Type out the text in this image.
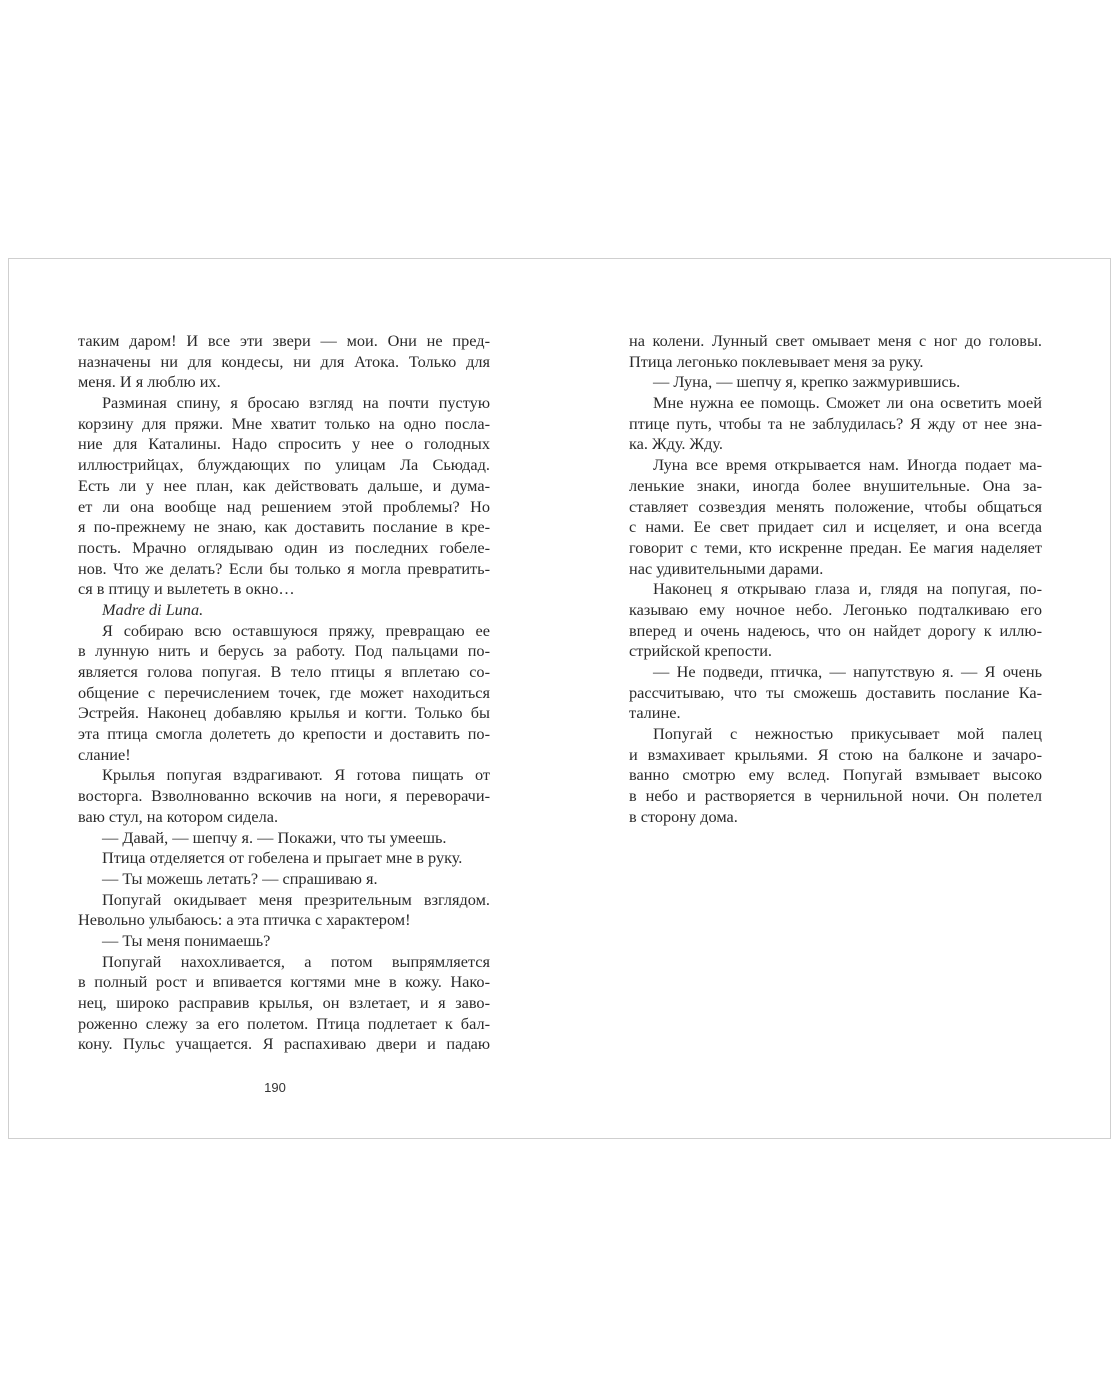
таким даром! И все эти звери — мои. Они не пред-
назначены ни для кондесы, ни для Атока. Только для
меня. И я люблю их.
Разминая спину, я бросаю взгляд на почти пустую
корзину для пряжи. Мне хватит только на одно посла-
ние для Каталины. Надо спросить у нее о голодных
иллюстрийцах, блуждающих по улицам Ла Сьюдад.
Есть ли у нее план, как действовать дальше, и дума-
ет ли она вообще над решением этой проблемы? Но
я по-прежнему не знаю, как доставить послание в кре-
пость. Мрачно оглядываю один из последних гобеле-
нов. Что же делать? Если бы только я могла превратить-
ся в птицу и вылететь в окно…
Madre di Luna.
Я собираю всю оставшуюся пряжу, превращаю ее
в лунную нить и берусь за работу. Под пальцами по-
является голова попугая. В тело птицы я вплетаю со-
общение с перечислением точек, где может находиться
Эстрейя. Наконец добавляю крылья и когти. Только бы
эта птица смогла долететь до крепости и доставить по-
слание!
Крылья попугая вздрагивают. Я готова пищать от
восторга. Взволнованно вскочив на ноги, я переворачи-
ваю стул, на котором сидела.
— Давай, — шепчу я. — Покажи, что ты умеешь.
Птица отделяется от гобелена и прыгает мне в руку.
— Ты можешь летать? — спрашиваю я.
Попугай окидывает меня презрительным взглядом.
Невольно улыбаюсь: а эта птичка с характером!
— Ты меня понимаешь?
Попугай нахохливается, а потом выпрямляется
в полный рост и впивается когтями мне в кожу. Нако-
нец, широко расправив крылья, он взлетает, и я заво-
роженно слежу за его полетом. Птица подлетает к бал-
кону. Пульс учащается. Я распахиваю двери и падаю
на колени. Лунный свет омывает меня с ног до головы.
Птица легонько поклевывает меня за руку.
— Луна, — шепчу я, крепко зажмурившись.
Мне нужна ее помощь. Сможет ли она осветить моей
птице путь, чтобы та не заблудилась? Я жду от нее зна-
ка. Жду. Жду.
Луна все время открывается нам. Иногда подает ма-
ленькие знаки, иногда более внушительные. Она за-
ставляет созвездия менять положение, чтобы общаться
с нами. Ее свет придает сил и исцеляет, и она всегда
говорит с теми, кто искренне предан. Ее магия наделяет
нас удивительными дарами.
Наконец я открываю глаза и, глядя на попугая, по-
казываю ему ночное небо. Легонько подталкиваю его
вперед и очень надеюсь, что он найдет дорогу к иллю-
стрийской крепости.
— Не подведи, птичка, — напутствую я. — Я очень
рассчитываю, что ты сможешь доставить послание Ка-
талине.
Попугай с нежностью прикусывает мой палец
и взмахивает крыльями. Я стою на балконе и зачаро-
ванно смотрю ему вслед. Попугай взмывает высоко
в небо и растворяется в чернильной ночи. Он полетел
в сторону дома.
190
